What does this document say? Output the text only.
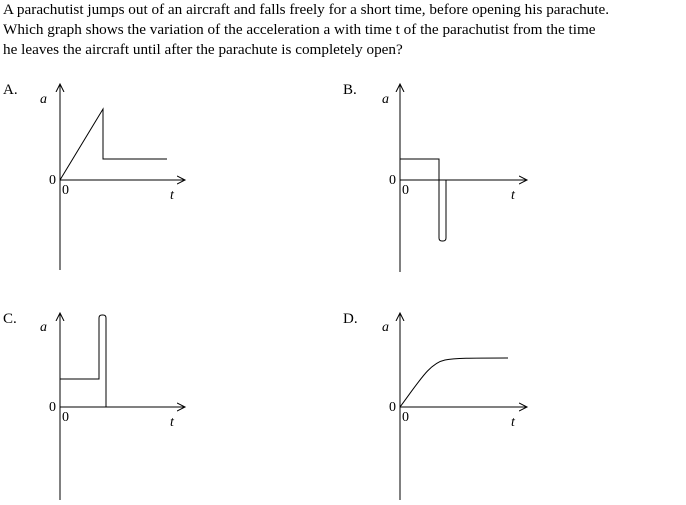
A parachutist jumps out of an aircraft and falls freely for a short time, before opening his parachute.
Which graph shows the variation of the acceleration a with time t of the parachutist from the time
he leaves the aircraft until after the parachute is completely open?
A.	B.
C.	D.
a
t
0
0
a
t
0
0
a
t
0
0
a
t
0
0
